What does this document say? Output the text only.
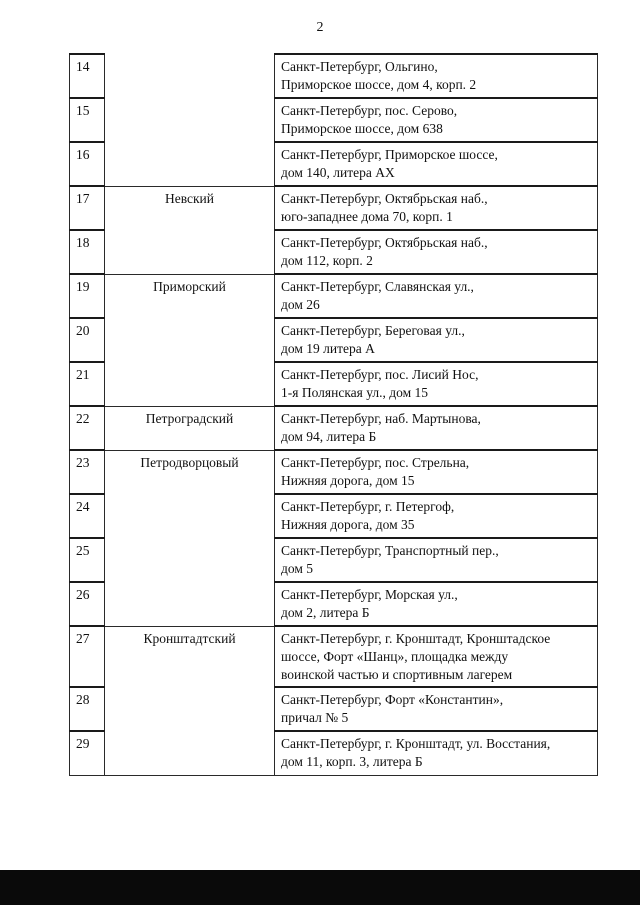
2
14		Санкт-Петербург, Ольгино,
Приморское шоссе, дом 4, корп. 2

15		Санкт-Петербург, пос. Серово,
Приморское шоссе, дом 638

16		Санкт-Петербург, Приморское шоссе,
дом 140, литера АХ

17	Невский	Санкт-Петербург, Октябрьская наб.,
юго-западнее дома 70, корп. 1

18		Санкт-Петербург, Октябрьская наб.,
дом 112, корп. 2

19	Приморский	Санкт-Петербург, Славянская ул.,
дом 26

20		Санкт-Петербург, Береговая ул.,
дом 19 литера А

21		Санкт-Петербург, пос. Лисий Нос,
1-я Полянская ул., дом 15

22	Петроградский	Санкт-Петербург, наб. Мартынова,
дом 94, литера Б

23	Петродворцовый	Санкт-Петербург, пос. Стрельна,
Нижняя дорога, дом 15

24		Санкт-Петербург, г. Петергоф,
Нижняя дорога, дом 35

25		Санкт-Петербург, Транспортный пер.,
дом 5

26		Санкт-Петербург, Морская ул.,
дом 2, литера Б

27	Кронштадтский	Санкт-Петербург, г. Кронштадт, Кронштадское
шоссе, Форт «Шанц», площадка между
воинской частью и спортивным лагерем

28		Санкт-Петербург, Форт «Константин»,
причал № 5

29		Санкт-Петербург, г. Кронштадт, ул. Восстания,
дом 11, корп. 3, литера Б
